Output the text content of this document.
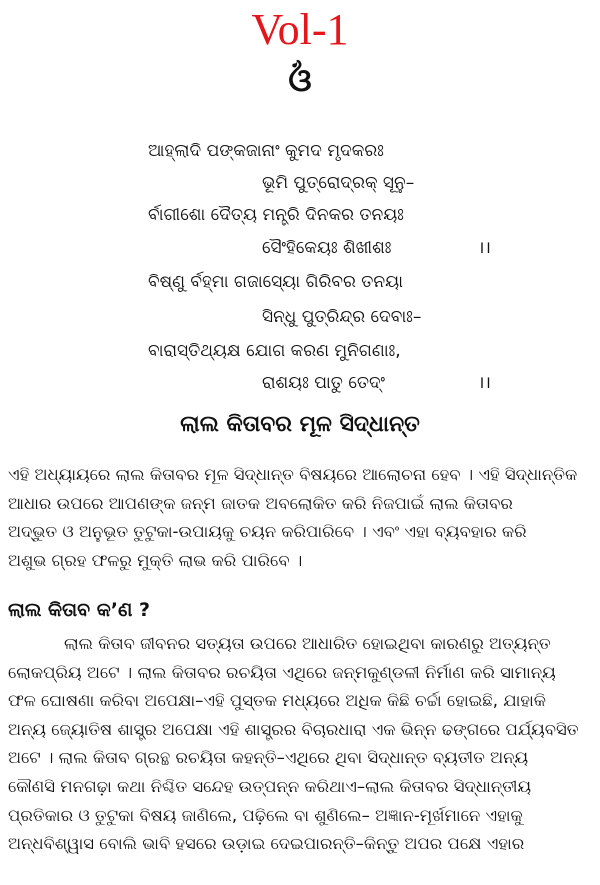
Vol-1
ଓଁ
ଆହ୍ଲାଦି ପଙ୍କଜାନାଂ କୁମଦ ମୃଦକରଃ
ଭୂମି ପୁତ୍ରୋଦ୍ରକ୍ ସୂନୁ–
ର୍ବାଗୀଶୋ ଦୈତ୍ୟ ମନ୍ତ୍ରି ଦିନକର ତନୟଃ
ସୈଂହିକେୟଃ ଶିଖୀଶଃ	।।
ବିଷ୍ଣୁ ର୍ବହ୍ମା ଗଜାସ୍ୟୋ ଗିରିବର ତନୟା
ସିନ୍ଧୁ ପୁତ୍ରିନ୍ଦ୍ର ଦେବାଃ–
ବାରାସ୍ତିଥ୍ୟକ୍ଷ ଯୋଗ କରଣ ମୁନିଗଣାଃ,
ରାଶୟଃ ପାତୁ ତେଦ୍‌ଂ	।।
ଲାଲ କିତାବର ମୂଳ ସିଦ୍ଧାନ୍ତ
ଏହି ଅଧ୍ୟାୟରେ ଲାଲ କିତାବର ମୂଳ ସିଦ୍ଧାନ୍ତ ବିଷୟରେ ଆଲୋଚନା ହେବ । ଏହି ସିଦ୍ଧାନ୍ତିକ
ଆଧାର ଉପରେ ଆପଣଙ୍କ ଜନ୍ମ ଜାତକ ଅବଲୋକିତ କରି ନିଜପାଇଁ ଲାଲ କିତାବର
ଅଦ୍ଭୁତ ଓ ଅନୁଭୂତ ତୁଟୁକା-ଉପାୟକୁ ଚୟନ କରିପାରିବେ । ଏବଂ ଏହା ବ୍ୟବହାର କରି
ଅଶୁଭ ଗ୍ରହ ଫଳରୁ ମୁକ୍ତି ଲାଭ କରି ପାରିବେ ।
ଲାଲ କିତାବ କ’ଣ ?
ଲାଲ କିତାବ ଜୀବନର ସତ୍ୟତା ଉପରେ ଆଧାରିତ ହୋଇଥିବା କାରଣରୁ ଅତ୍ୟନ୍ତ
ଲୋକପ୍ରିୟ ଅଟେ । ଲାଲ କିତାବର ରଚୟିତା ଏଥିରେ ଜନ୍ମକୁଣ୍ଡଳୀ ନିର୍ମାଣ କରି ସାମାନ୍ୟ
ଫଳ ଘୋଷଣା କରିବା ଅପେକ୍ଷା–ଏହି ପୁସ୍ତକ ମଧ୍ୟରେ ଅଧିକ କିଛି ଚର୍ଚ୍ଚା ହୋଇଛି, ଯାହାକି
ଅନ୍ୟ ଜ୍ୟୋତିଷ ଶାସ୍ତ୍ର ଅପେକ୍ଷା ଏହି ଶାସ୍ତ୍ରର ବିଚାରଧାରା ଏକ ଭିନ୍ନ ଢଙ୍ଗରେ ପର୍ଯ୍ୟବସିତ
ଅଟେ । ଲାଲ କିତାବ ଗ୍ରନ୍ଥ ରଚୟିତା କହନ୍ତି–ଏଥିରେ ଥିବା ସିଦ୍ଧାନ୍ତ ବ୍ୟତୀତ ଅନ୍ୟ
କୌଣସି ମନଗଢ଼ା କଥା ନିଶ୍ଚିତ ସନ୍ଦେହ ଉତ୍ପନ୍ନ କରିଥାଏ–ଲାଲ କିତାବର ସିଦ୍ଧାନ୍ତୀୟ
ପ୍ରତିକାର ଓ ତୁଟୁକା ବିଷୟ ଜାଣିଲେ, ପଢ଼ିଲେ ବା ଶୁଣିଲେ– ଅଜ୍ଞାନ-ମୂର୍ଖମାନେ ଏହାକୁ
ଅନ୍ଧବିଶ୍ୱାସ ବୋଲି ଭାବି ହସରେ ଉଡ଼ାଇ ଦେଇପାରନ୍ତି–କିନ୍ତୁ ଅପର ପକ୍ଷେ ଏହାର
